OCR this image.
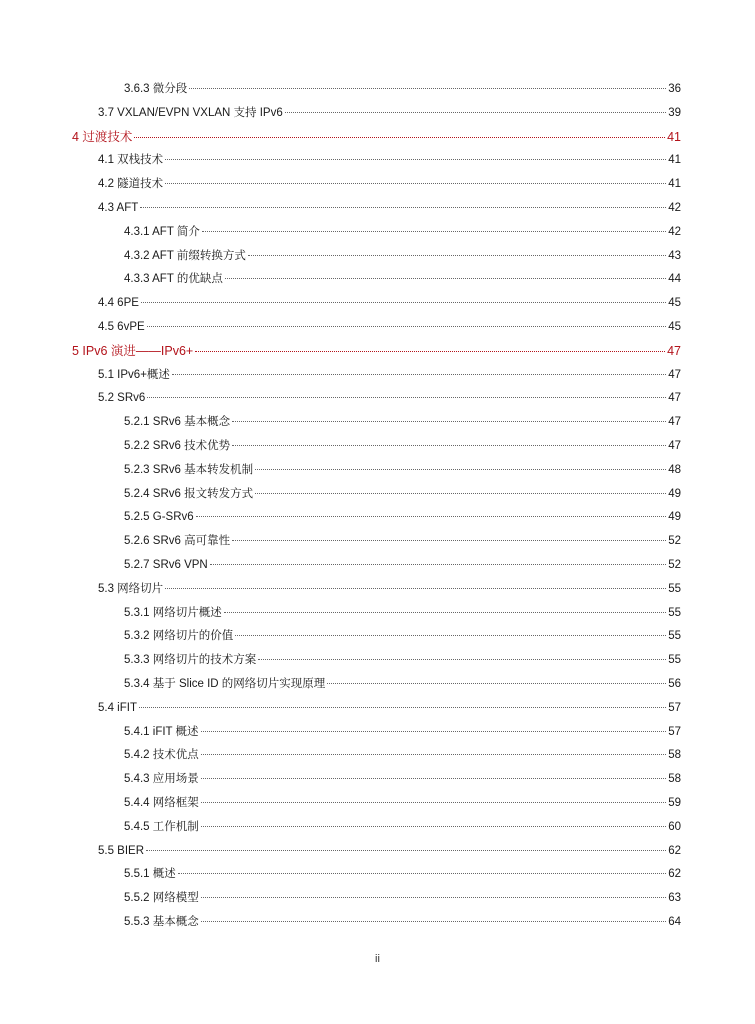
3.6.3 微分段	36
3.7 VXLAN/EVPN VXLAN 支持 IPv6	39
4 过渡技术	41
4.1 双栈技术	41
4.2 隧道技术	41
4.3 AFT	42
4.3.1 AFT 简介	42
4.3.2 AFT 前缀转换方式	43
4.3.3 AFT 的优缺点	44
4.4 6PE	45
4.5 6vPE	45
5 IPv6 演进——IPv6+	47
5.1 IPv6+概述	47
5.2 SRv6	47
5.2.1 SRv6 基本概念	47
5.2.2 SRv6 技术优势	47
5.2.3 SRv6 基本转发机制	48
5.2.4 SRv6 报文转发方式	49
5.2.5 G-SRv6	49
5.2.6 SRv6 高可靠性	52
5.2.7 SRv6 VPN	52
5.3 网络切片	55
5.3.1 网络切片概述	55
5.3.2 网络切片的价值	55
5.3.3 网络切片的技术方案	55
5.3.4 基于 Slice ID 的网络切片实现原理	56
5.4 iFIT	57
5.4.1 iFIT 概述	57
5.4.2 技术优点	58
5.4.3 应用场景	58
5.4.4 网络框架	59
5.4.5 工作机制	60
5.5 BIER	62
5.5.1 概述	62
5.5.2 网络模型	63
5.5.3 基本概念	64
ii
